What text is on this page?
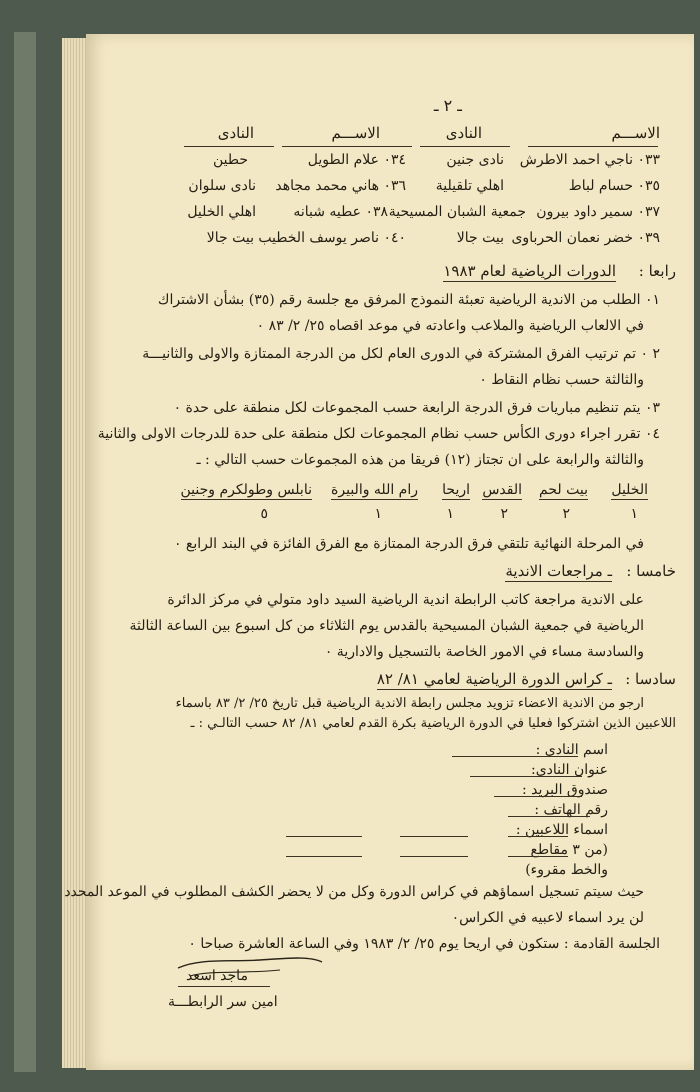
ـ ٢ ـ
الاســـم
النادى
الاســـم
النادى
٠٣٣ ناجي احمد الاطرش
نادى جنين
٠٣٤ علام الطويل
حطين
٠٣٥ حسام لباط
اهلي تلقيلية
٠٣٦ هاني محمد مجاهد
نادى سلوان
٠٣٧ سمير داود بيرون
جمعية الشبان المسيحية
٠٣٨ عطيه شبانه
اهلي الخليل
٠٣٩ خضر نعمان الحرباوى
بيت جالا
٠٤٠ ناصر يوسف الخطيب
بيت جالا
رابعا :
الدورات الرياضية لعام ١٩٨٣
٠١ الطلب من الاندية الرياضية تعبئة النموذج المرفق مع جلسة رقم (٣٥) بشأن الاشتراك
في الالعاب الرياضية والملاعب واعادته في موعد اقصاه ٢٥/ ٢/ ٨٣ ٠
٢ ٠ تم ترتيب الفرق المشتركة في الدورى العام لكل من الدرجة الممتازة والاولى والثانيـــة
والثالثة حسب نظام النقاط ٠
٠٣ يتم تنظيم مباريات فرق الدرجة الرابعة حسب المجموعات لكل منطقة على حدة ٠
٠٤ تقرر اجراء دورى الكأس حسب نظام المجموعات لكل منطقة على حدة للدرجات الاولى والثانية
والثالثة والرابعة على ان تجتاز (١٢) فريقا من هذه المجموعات حسب التالي : ـ
الخليل
١
بيت لحم
٢
القدس
٢
اريحا
١
رام الله والبيرة
١
نابلس وطولكرم وجنين
٥
في المرحلة النهائية تلتقي فرق الدرجة الممتازة مع الفرق الفائزة في البند الرابع ٠
خامسا :
ـ مراجعات الاندية
على الاندية مراجعة كاتب الرابطة اندية الرياضية السيد داود متولي في مركز الدائرة
الرياضية في جمعية الشبان المسيحية بالقدس يوم الثلاثاء من كل اسبوع بين الساعة الثالثة
والسادسة مساء في الامور الخاصة بالتسجيل والادارية ٠
سادسا :
ـ كراس الدورة الرياضية لعامي ٨١/ ٨٢
ارجو من الاندية الاعضاء تزويد مجلس رابطة الاندية الرياضية قبل تاريخ ٢٥/ ٢/ ٨٣ باسماء
اللاعبين الذين اشتركوا فعليا في الدورة الرياضية بكرة القدم لعامي ٨١/ ٨٢ حسب التالـي : ـ
اسم النادى :
عنوان النادى:
صندوق البريد :
رقم الهاتف :
اسماء اللاعبين :
(من ٣ مقاطع
والخط مقروء)
حيث سيتم تسجيل اسماؤهم في كراس الدورة وكل من لا يحضر الكشف المطلوب في الموعد المحدد
لن يرد اسماء لاعبيه في الكراس٠
الجلسة القادمة : ستكون في اريحا يوم ٢٥/ ٢/ ١٩٨٣ وفي الساعة العاشرة صباحا ٠
ماجد اسعد
امين سر الرابطـــة
